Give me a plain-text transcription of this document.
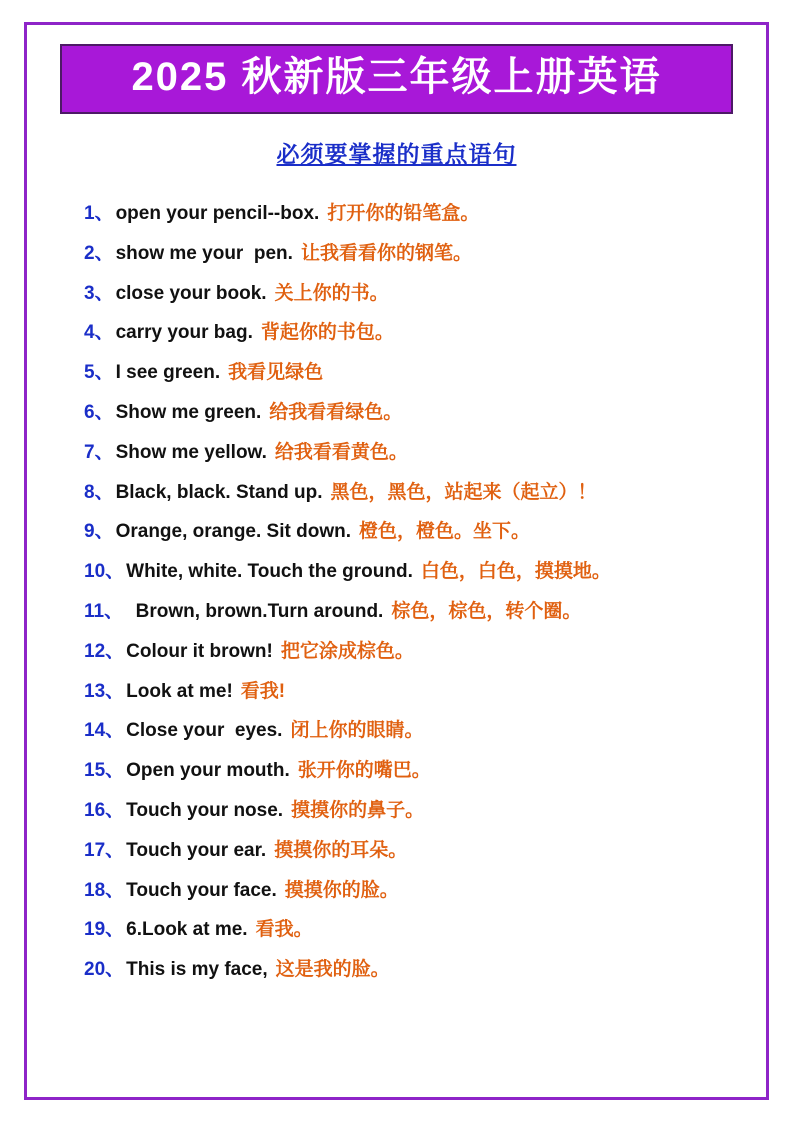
2025 秋新版三年级上册英语
必须要掌握的重点语句
1、 open your pencil--box. 打开你的铅笔盒。
2、 show me your  pen. 让我看看你的钢笔。
3、 close your book. 关上你的书。
4、 carry your bag. 背起你的书包。
5、 I see green. 我看见绿色
6、 Show me green. 给我看看绿色。
7、 Show me yellow. 给我看看黄色。
8、 Black, black. Stand up. 黑色，黑色，站起来（起立）！
9、 Orange, orange. Sit down. 橙色，橙色。坐下。
10、 White, white. Touch the ground. 白色，白色，摸摸地。
11、 Brown, brown.Turn around. 棕色，棕色，转个圈。
12、 Colour it brown! 把它涂成棕色。
13、 Look at me! 看我!
14、 Close your  eyes. 闭上你的眼睛。
15、 Open your mouth. 张开你的嘴巴。
16、 Touch your nose. 摸摸你的鼻子。
17、 Touch your ear. 摸摸你的耳朵。
18、 Touch your face. 摸摸你的脸。
19、 6.Look at me. 看我。
20、 This is my face, 这是我的脸。
